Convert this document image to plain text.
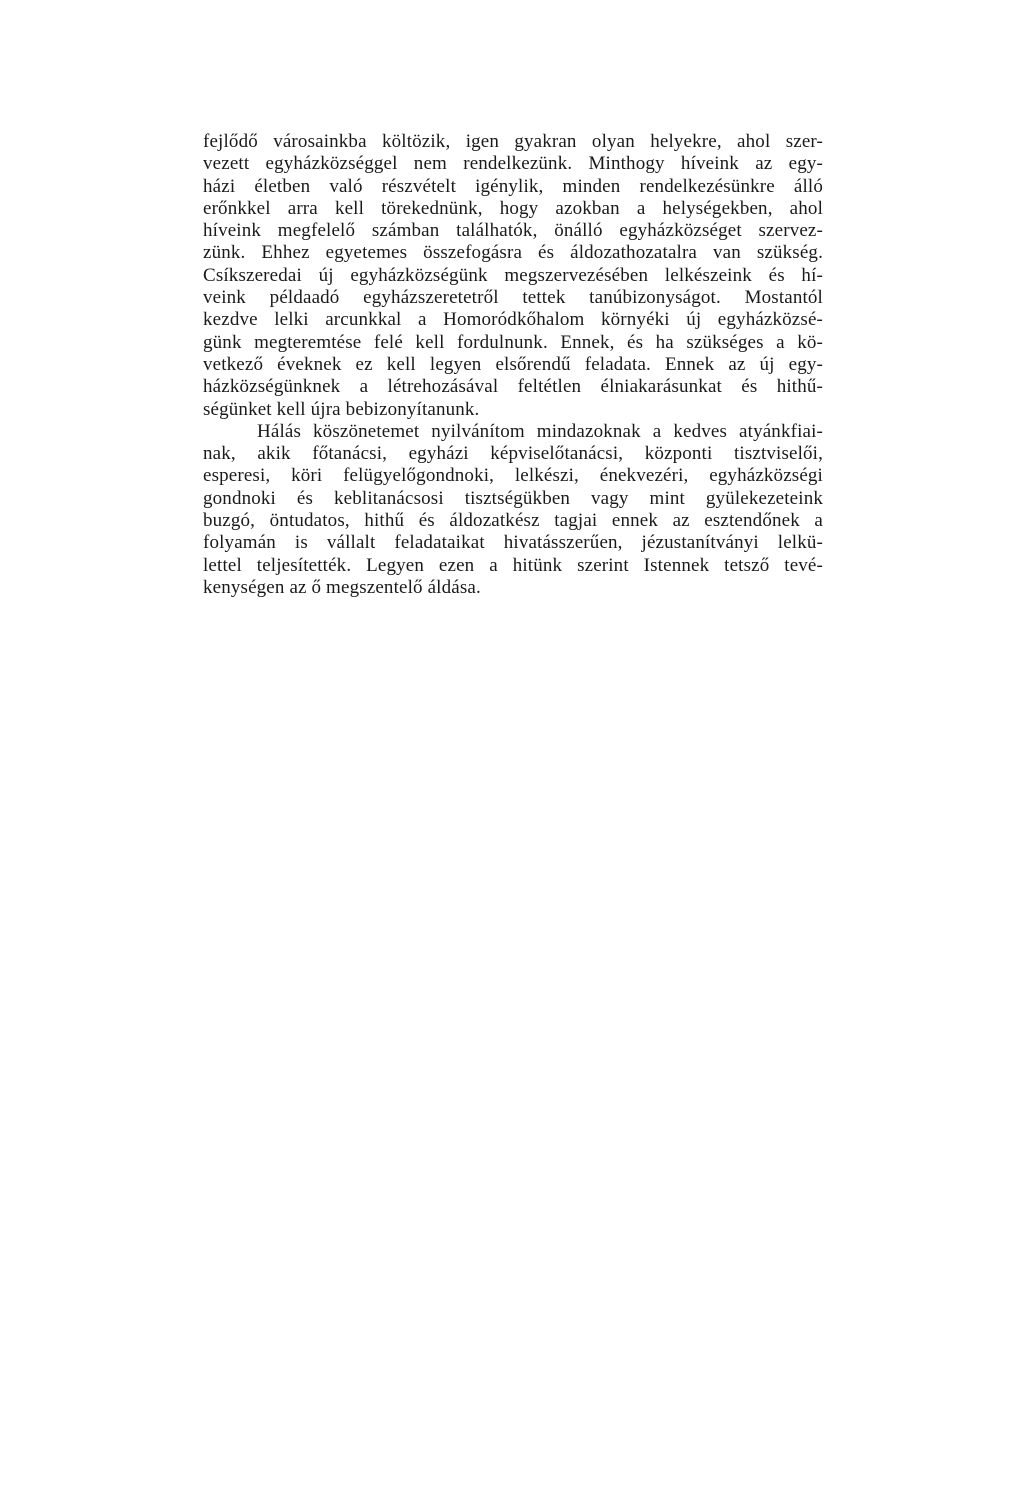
fejlődő városainkba költözik, igen gyakran olyan helyekre, ahol szer-
vezett egyházközséggel nem rendelkezünk. Minthogy híveink az egy-
házi életben való részvételt igénylik, minden rendelkezésünkre álló
erőnkkel arra kell törekednünk, hogy azokban a helységekben, ahol
híveink megfelelő számban találhatók, önálló egyházközséget szervez-
zünk. Ehhez egyetemes összefogásra és áldozathozatalra van szükség.
Csíkszeredai új egyházközségünk megszervezésében lelkészeink és hí-
veink példaadó egyházszeretetről tettek tanúbizonyságot. Mostantól
kezdve lelki arcunkkal a Homoródkőhalom környéki új egyházközsé-
günk megteremtése felé kell fordulnunk. Ennek, és ha szükséges a kö-
vetkező éveknek ez kell legyen elsőrendű feladata. Ennek az új egy-
házközségünknek a létrehozásával feltétlen élniakarásunkat és hithű-
ségünket kell újra bebizonyítanunk.
Hálás köszönetemet nyilvánítom mindazoknak a kedves atyánkfiai-
nak, akik főtanácsi, egyházi képviselőtanácsi, központi tisztviselői,
esperesi, köri felügyelőgondnoki, lelkészi, énekvezéri, egyházközségi
gondnoki és keblitanácsosi tisztségükben vagy mint gyülekezeteink
buzgó, öntudatos, hithű és áldozatkész tagjai ennek az esztendőnek a
folyamán is vállalt feladataikat hivatásszerűen, jézustanítványi lelkü-
lettel teljesítették. Legyen ezen a hitünk szerint Istennek tetsző tevé-
kenységen az ő megszentelő áldása.
